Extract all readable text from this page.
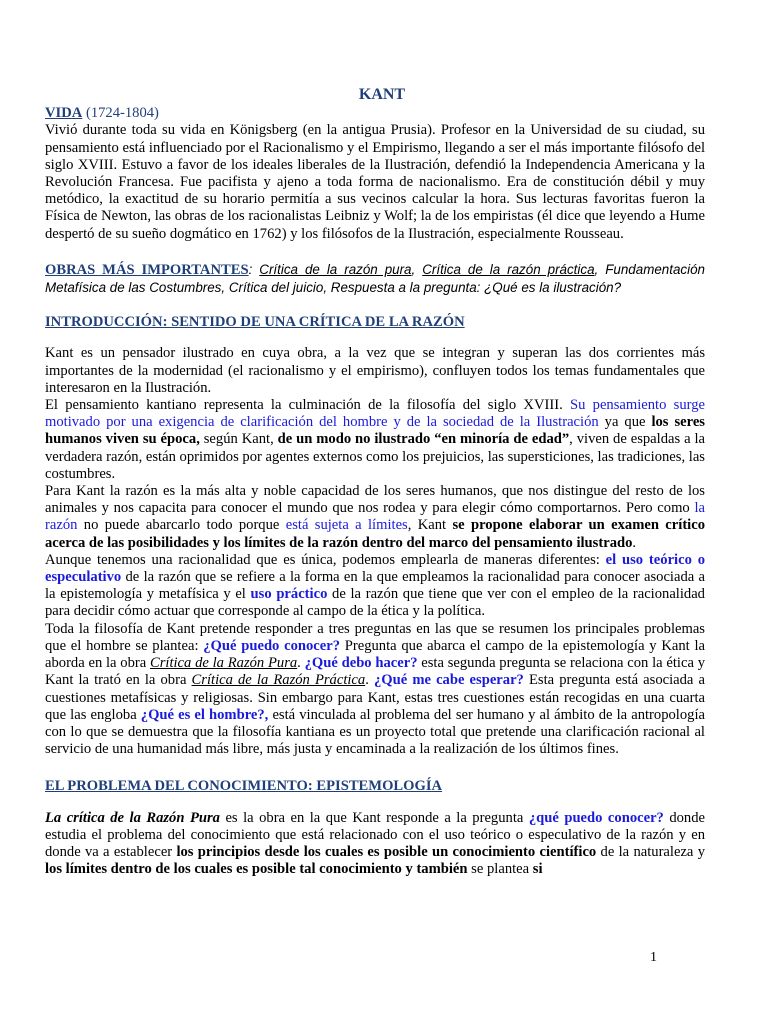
KANT

VIDA (1724-1804)

Vivió durante toda su vida en Königsberg (en la antigua Prusia). Profesor en la Universidad de su ciudad, su pensamiento está influenciado por el Racionalismo y el Empirismo, llegando a ser el más importante filósofo del siglo XVIII. Estuvo a favor de los ideales liberales de la Ilustración, defendió la Independencia Americana y la Revolución Francesa. Fue pacifista y ajeno a toda forma de nacionalismo. Era de constitución débil y muy metódico, la exactitud de su horario permitía a sus vecinos calcular la hora. Sus lecturas favoritas fueron la Física de Newton, las obras de los racionalistas Leibniz y Wolf; la de los empiristas (él dice que leyendo a Hume despertó de su sueño dogmático en 1762) y los filósofos de la Ilustración, especialmente Rousseau.

OBRAS MÁS IMPORTANTES: Crítica de la razón pura, Crítica de la razón práctica, Fundamentación Metafísica de las Costumbres, Crítica del juicio, Respuesta a la pregunta: ¿Qué es la ilustración?

INTRODUCCIÓN: SENTIDO DE UNA CRÍTICA DE LA RAZÓN

Kant es un pensador ilustrado en cuya obra, a la vez que se integran y superan las dos corrientes más importantes de la modernidad (el racionalismo y el empirismo), confluyen todos los temas fundamentales que interesaron en la Ilustración.

El pensamiento kantiano representa la culminación de la filosofía del siglo XVIII. Su pensamiento surge motivado por una exigencia de clarificación del hombre y de la sociedad de la Ilustración ya que los seres humanos viven su época, según Kant, de un modo no ilustrado “en minoría de edad”, viven de espaldas a la verdadera razón, están oprimidos por agentes externos como los prejuicios, las supersticiones, las tradiciones, las costumbres.

Para Kant la razón es la más alta y noble capacidad de los seres humanos, que nos distingue del resto de los animales y nos capacita para conocer el mundo que nos rodea y para elegir cómo comportarnos. Pero como la razón no puede abarcarlo todo porque está sujeta a límites, Kant se propone elaborar un examen crítico acerca de las posibilidades y los límites de la razón dentro del marco del pensamiento ilustrado.

Aunque tenemos una racionalidad que es única, podemos emplearla de maneras diferentes: el uso teórico o especulativo de la razón que se refiere a la forma en la que empleamos la racionalidad para conocer asociada a la epistemología y metafísica y el uso práctico de la razón que tiene que ver con el empleo de la racionalidad para decidir cómo actuar que corresponde al campo de la ética y la política.

Toda la filosofía de Kant pretende responder a tres preguntas en las que se resumen los principales problemas que el hombre se plantea: ¿Qué puedo conocer? Pregunta que abarca el campo de la epistemología y Kant la aborda en la obra Crítica de la Razón Pura. ¿Qué debo hacer? esta segunda pregunta se relaciona con la ética y Kant la trató en la obra Crítica de la Razón Práctica. ¿Qué me cabe esperar? Esta pregunta está asociada a cuestiones metafísicas y religiosas. Sin embargo para Kant, estas tres cuestiones están recogidas en una cuarta que las engloba ¿Qué es el hombre?, está vinculada al problema del ser humano y al ámbito de la antropología con lo que se demuestra que la filosofía kantiana es un proyecto total que pretende una clarificación racional al servicio de una humanidad más libre, más justa y encaminada a la realización de los últimos fines.

EL PROBLEMA DEL CONOCIMIENTO: EPISTEMOLOGÍA

La crítica de la Razón Pura es la obra en la que Kant responde a la pregunta ¿qué puedo conocer? donde estudia el problema del conocimiento que está relacionado con el uso teórico o especulativo de la razón y en donde va a establecer los principios desde los cuales es posible un conocimiento científico de la naturaleza y los límites dentro de los cuales es posible tal conocimiento y también se plantea si

1
